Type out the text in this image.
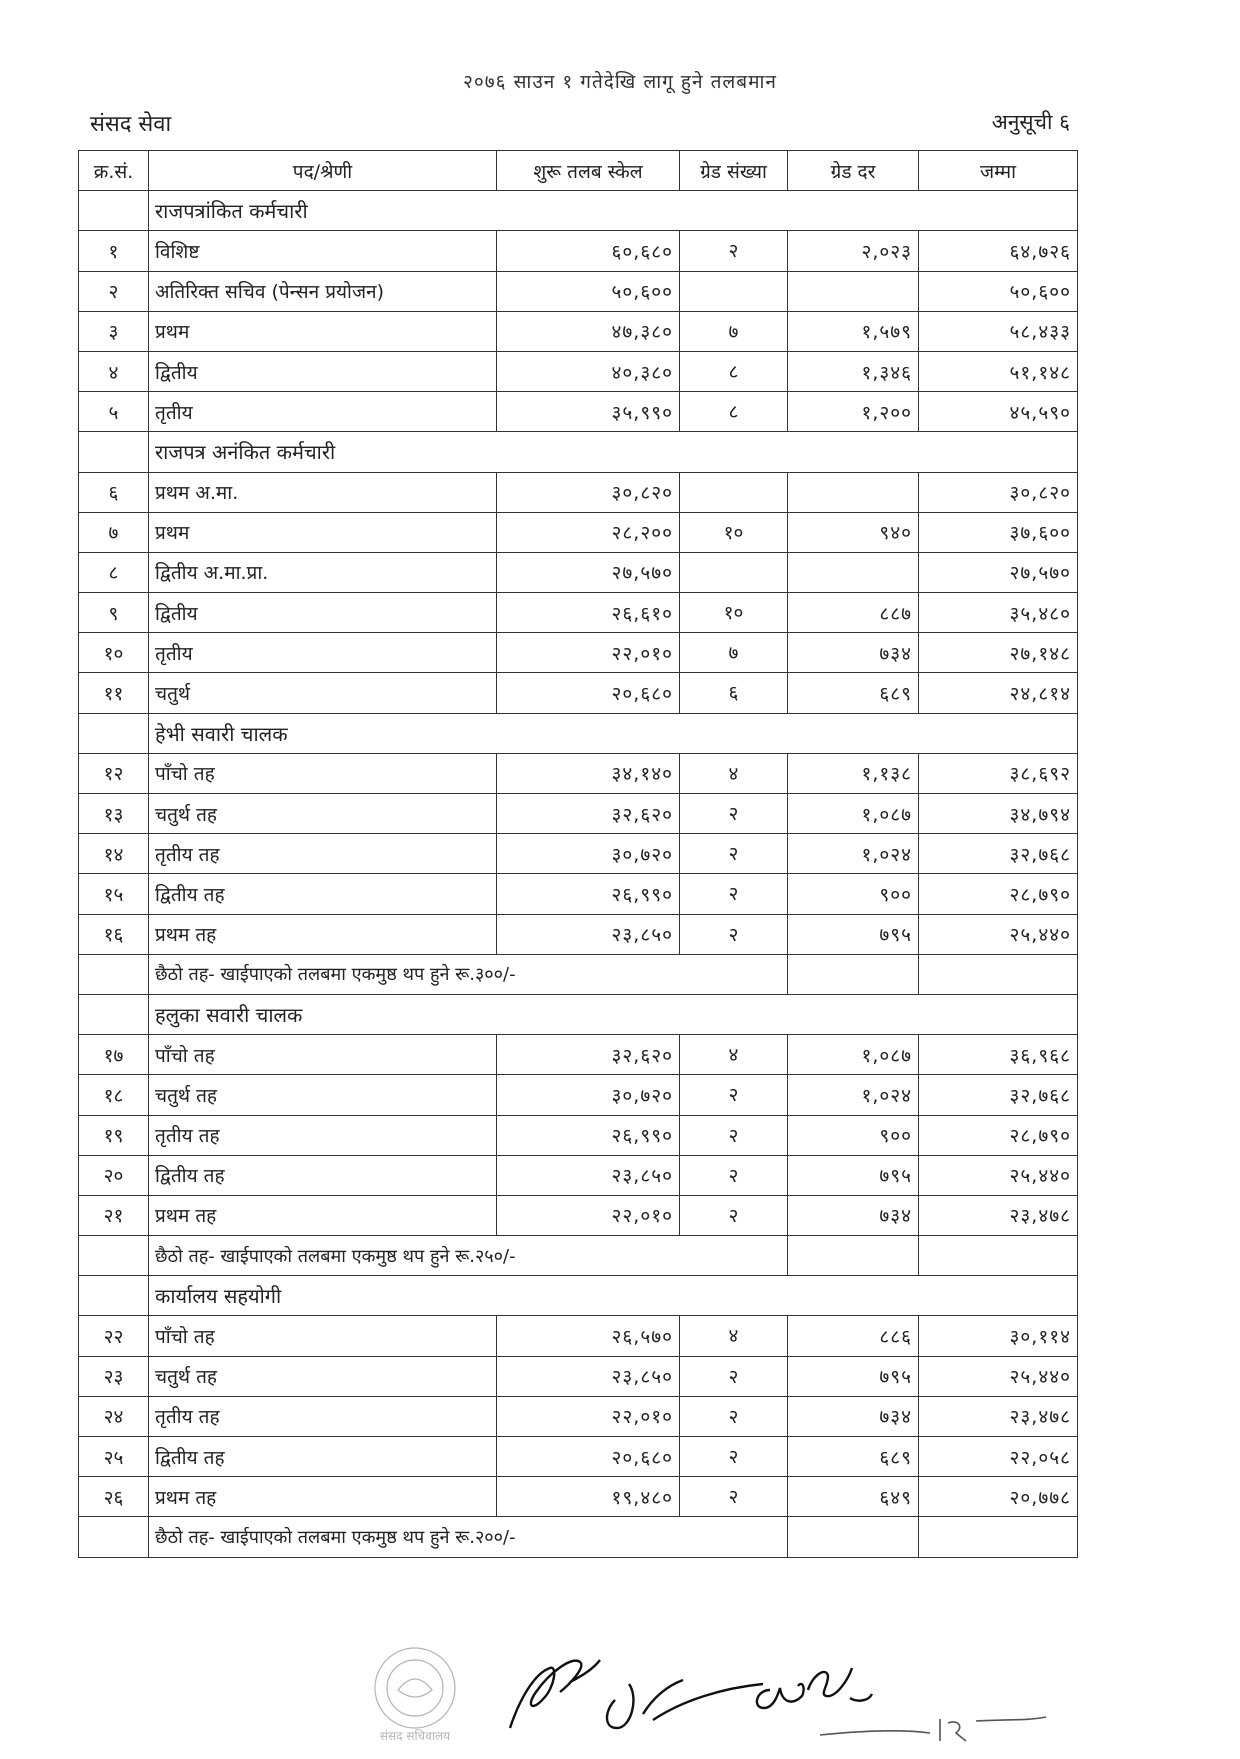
२०७६ साउन १ गतेदेखि लागू हुने तलबमान
संसद सेवा	अनुसूची ६
क्र.सं.	पद/श्रेणी	शुरू तलब स्केल	ग्रेड संख्या	ग्रेड दर	जम्मा
	राजपत्रांकित कर्मचारी				
१	विशिष्ट	६०,६८०	२	२,०२३	६४,७२६
२	अतिरिक्त सचिव (पेन्सन प्रयोजन)	५०,६००			५०,६००
३	प्रथम	४७,३८०	७	१,५७९	५८,४३३
४	द्वितीय	४०,३८०	८	१,३४६	५१,१४८
५	तृतीय	३५,९९०	८	१,२००	४५,५९०
	राजपत्र अनंकित कर्मचारी				
६	प्रथम अ.मा.	३०,८२०			३०,८२०
७	प्रथम	२८,२००	१०	९४०	३७,६००
८	द्वितीय अ.मा.प्रा.	२७,५७०			२७,५७०
९	द्वितीय	२६,६१०	१०	८८७	३५,४८०
१०	तृतीय	२२,०१०	७	७३४	२७,१४८
११	चतुर्थ	२०,६८०	६	६८९	२४,८१४
	हेभी सवारी चालक				
१२	पाँचो तह	३४,१४०	४	१,१३८	३८,६९२
१३	चतुर्थ तह	३२,६२०	२	१,०८७	३४,७९४
१४	तृतीय तह	३०,७२०	२	१,०२४	३२,७६८
१५	द्वितीय तह	२६,९९०	२	९००	२८,७९०
१६	प्रथम तह	२३,८५०	२	७९५	२५,४४०
	छैठो तह- खाईपाएको तलबमा एकमुष्ठ थप हुने रू.३००/-				
	हलुका सवारी चालक				
१७	पाँचो तह	३२,६२०	४	१,०८७	३६,९६८
१८	चतुर्थ तह	३०,७२०	२	१,०२४	३२,७६८
१९	तृतीय तह	२६,९९०	२	९००	२८,७९०
२०	द्वितीय तह	२३,८५०	२	७९५	२५,४४०
२१	प्रथम तह	२२,०१०	२	७३४	२३,४७८
	छैठो तह- खाईपाएको तलबमा एकमुष्ठ थप हुने रू.२५०/-				
	कार्यालय सहयोगी				
२२	पाँचो तह	२६,५७०	४	८८६	३०,११४
२३	चतुर्थ तह	२३,८५०	२	७९५	२५,४४०
२४	तृतीय तह	२२,०१०	२	७३४	२३,४७८
२५	द्वितीय तह	२०,६८०	२	६८९	२२,०५८
२६	प्रथम तह	१९,४८०	२	६४९	२०,७७८
	छैठो तह- खाईपाएको तलबमा एकमुष्ठ थप हुने रू.२००/-				
संसद सचिवालय
